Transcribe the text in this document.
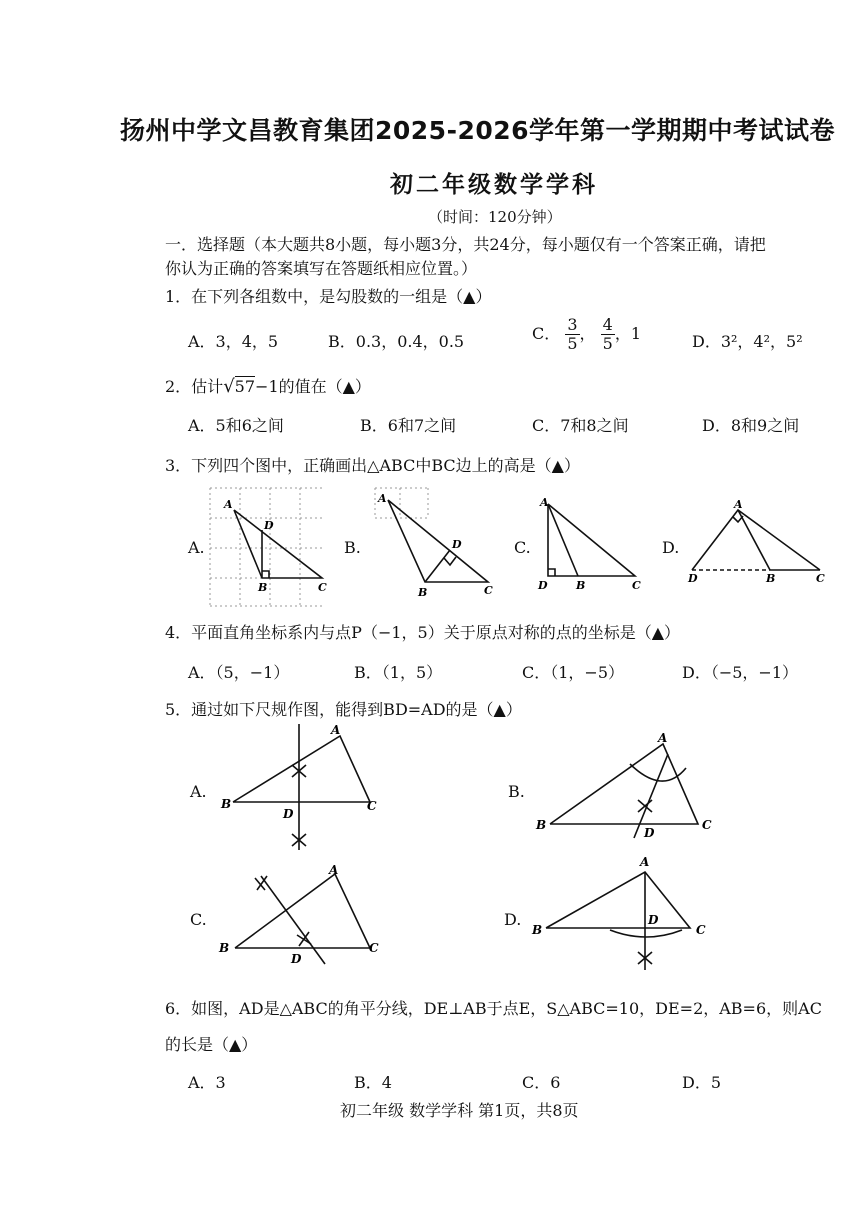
扬州中学文昌教育集团2025-2026学年第一学期期中考试试卷
初二年级数学学科
（时间：120分钟）
一．选择题（本大题共8小题，每小题3分，共24分，每小题仅有一个答案正确，请把
你认为正确的答案填写在答题纸相应位置。）
1．在下列各组数中，是勾股数的一组是（▲）
A．3，4，5	B．0.3，0.4，0.5	C． $\frac{3}{5}$ ， $\frac{4}{5}$ ，1	D．3²，4²，5²
2．估计√57−1的值在（▲）
A．5和6之间	B．6和7之间	C．7和8之间	D．8和9之间
3．下列四个图中，正确画出△ABC中BC边上的高是（▲）
A.	B.	C.	D.
A
D
B	C
A
D
B	C
A
D	B	C
A
D	B	C
4．平面直角坐标系内与点P（−1，5）关于原点对称的点的坐标是（▲）
A．（5，−1）	B．（1，5）	C．（1，−5）	D．（−5，−1）
5．通过如下尺规作图，能得到BD=AD的是（▲）
A.	B.
C.	D.
A
B
D
C
A
B
D
C
A
B
D
C
A
B
D
C
6．如图，AD是△ABC的角平分线，DE⊥AB于点E，S△ABC=10，DE=2，AB=6，则AC
的长是（▲）
A．3	B．4	C．6	D．5
初二年级 数学学科 第1页，共8页
